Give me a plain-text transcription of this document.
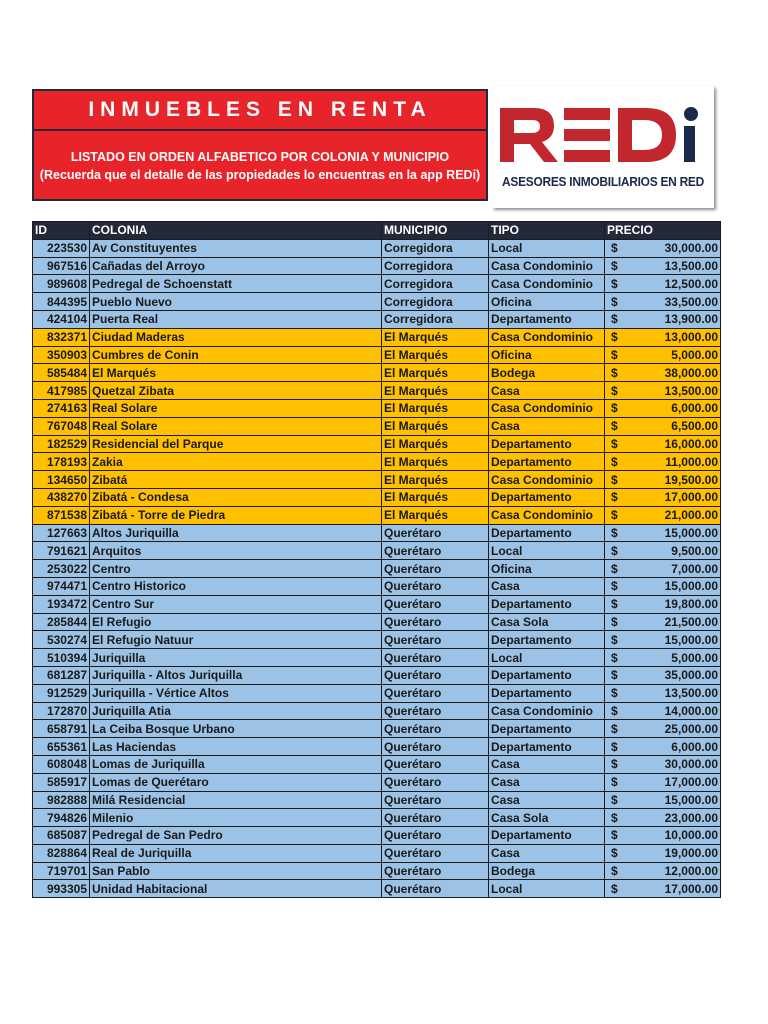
INMUEBLES EN RENTA
LISTADO EN ORDEN ALFABETICO POR COLONIA Y MUNICIPIO
(Recuerda que el detalle de las propiedades lo encuentras en la app REDi)	ASESORES INMOBILIARIOS EN RED
ID	COLONIA	MUNICIPIO	TIPO	PRECIO
223530	Av Constituyentes	Corregidora	Local	$ 30,000.00
967516	Cañadas del Arroyo	Corregidora	Casa Condominio	$ 13,500.00
989608	Pedregal de Schoenstatt	Corregidora	Casa Condominio	$ 12,500.00
844395	Pueblo Nuevo	Corregidora	Oficina	$ 33,500.00
424104	Puerta Real	Corregidora	Departamento	$ 13,900.00
832371	Ciudad Maderas	El Marqués	Casa Condominio	$ 13,000.00
350903	Cumbres de Conin	El Marqués	Oficina	$ 5,000.00
585484	El Marqués	El Marqués	Bodega	$ 38,000.00
417985	Quetzal Zibata	El Marqués	Casa	$ 13,500.00
274163	Real Solare	El Marqués	Casa Condominio	$ 6,000.00
767048	Real Solare	El Marqués	Casa	$ 6,500.00
182529	Residencial del Parque	El Marqués	Departamento	$ 16,000.00
178193	Zakia	El Marqués	Departamento	$ 11,000.00
134650	Zibatá	El Marqués	Casa Condominio	$ 19,500.00
438270	Zibatá - Condesa	El Marqués	Departamento	$ 17,000.00
871538	Zibatá - Torre de Piedra	El Marqués	Casa Condominio	$ 21,000.00
127663	Altos Juriquilla	Querétaro	Departamento	$ 15,000.00
791621	Arquitos	Querétaro	Local	$ 9,500.00
253022	Centro	Querétaro	Oficina	$ 7,000.00
974471	Centro Historico	Querétaro	Casa	$ 15,000.00
193472	Centro Sur	Querétaro	Departamento	$ 19,800.00
285844	El Refugio	Querétaro	Casa Sola	$ 21,500.00
530274	El Refugio Natuur	Querétaro	Departamento	$ 15,000.00
510394	Juriquilla	Querétaro	Local	$ 5,000.00
681287	Juriquilla - Altos Juriquilla	Querétaro	Departamento	$ 35,000.00
912529	Juriquilla - Vértice Altos	Querétaro	Departamento	$ 13,500.00
172870	Juriquilla Atia	Querétaro	Casa Condominio	$ 14,000.00
658791	La Ceiba Bosque Urbano	Querétaro	Departamento	$ 25,000.00
655361	Las Haciendas	Querétaro	Departamento	$ 6,000.00
608048	Lomas de Juriquilla	Querétaro	Casa	$ 30,000.00
585917	Lomas de Querétaro	Querétaro	Casa	$ 17,000.00
982888	Milá Residencial	Querétaro	Casa	$ 15,000.00
794826	Milenio	Querétaro	Casa Sola	$ 23,000.00
685087	Pedregal de San Pedro	Querétaro	Departamento	$ 10,000.00
828864	Real de Juriquilla	Querétaro	Casa	$ 19,000.00
719701	San Pablo	Querétaro	Bodega	$ 12,000.00
993305	Unidad Habitacional	Querétaro	Local	$ 17,000.00
